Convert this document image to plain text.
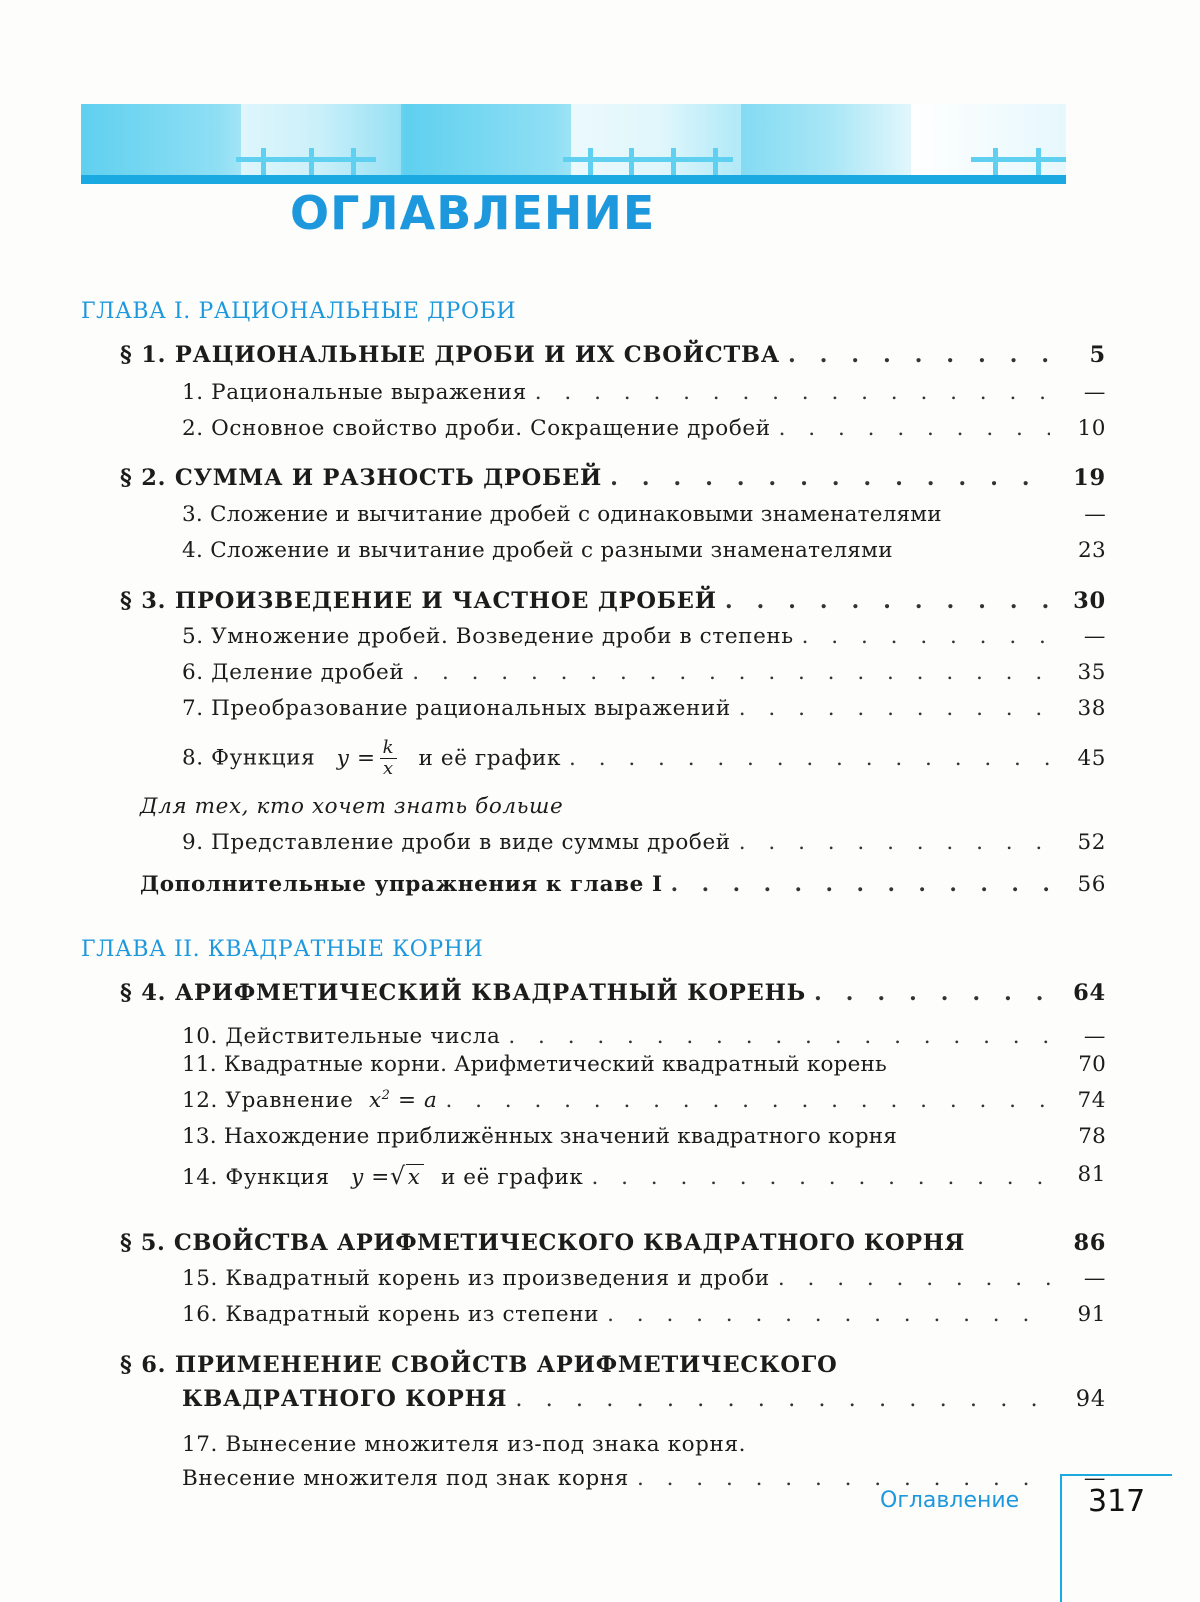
ОГЛАВЛЕНИЕ
ГЛАВА I. РАЦИОНАЛЬНЫЕ ДРОБИ
§ 1. РАЦИОНАЛЬНЫЕ ДРОБИ И ИХ СВОЙСТВА . . .	5
1. Рациональные выражения . . .	—
2. Основное свойство дроби. Сокращение дробей . . .	10
§ 2. СУММА И РАЗНОСТЬ ДРОБЕЙ . . .	19
3. Сложение и вычитание дробей с одинаковыми знаменателями	—
4. Сложение и вычитание дробей с разными знаменателями	23
§ 3. ПРОИЗВЕДЕНИЕ И ЧАСТНОЕ ДРОБЕЙ . . .	30
5. Умножение дробей. Возведение дроби в степень . . .	—
6. Деление дробей . . .	35
7. Преобразование рациональных выражений . . .	38
8. Функция $y = \frac{k}{x}$ и её график . . .	45
Для тех, кто хочет знать больше
9. Представление дроби в виде суммы дробей . . .	52
Дополнительные упражнения к главе I . . .	56
ГЛАВА II. КВАДРАТНЫЕ КОРНИ
§ 4. АРИФМЕТИЧЕСКИЙ КВАДРАТНЫЙ КОРЕНЬ . . .	64
10. Действительные числа . . .	—
11. Квадратные корни. Арифметический квадратный корень	70
12. Уравнение $x^2 = a$ . . .	74
13. Нахождение приближённых значений квадратного корня	78
14. Функция y =√x и её график . . .	81
§ 5. СВОЙСТВА АРИФМЕТИЧЕСКОГО КВАДРАТНОГО КОРНЯ	86
15. Квадратный корень из произведения и дроби . . .	—
16. Квадратный корень из степени . . .	91
§ 6. ПРИМЕНЕНИЕ СВОЙСТВ АРИФМЕТИЧЕСКОГО
КВАДРАТНОГО КОРНЯ . . .	94
17. Вынесение множителя из-под знака корня.
Внесение множителя под знак корня . . .	—
Оглавление 317
